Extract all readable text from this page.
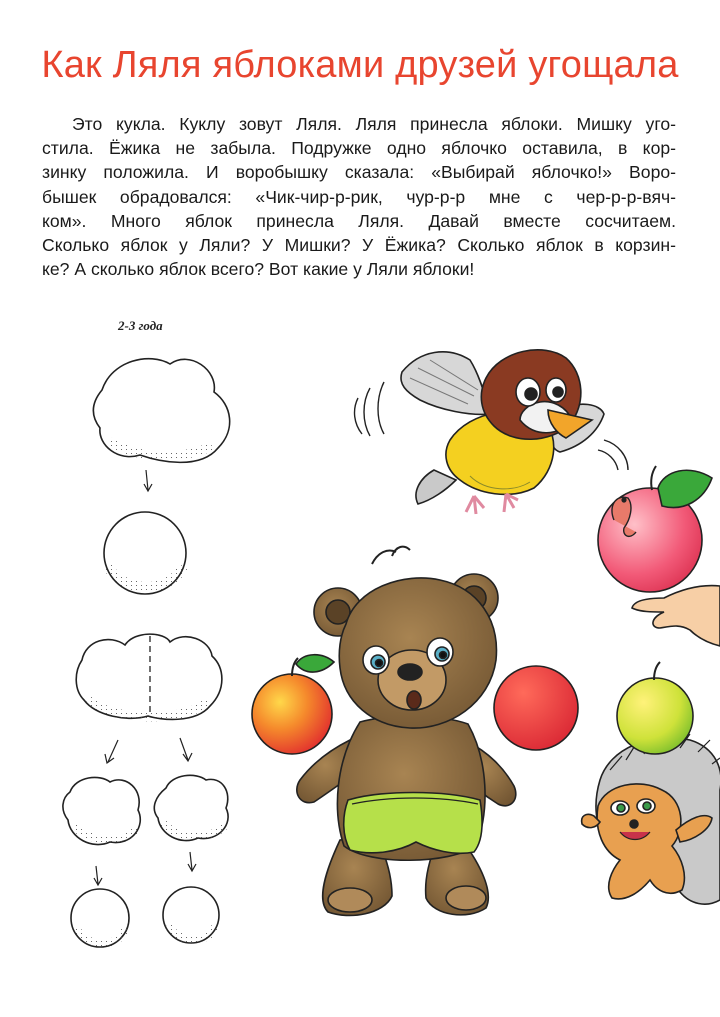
Как Ляля яблоками друзей угощала
Это кукла. Куклу зовут Ляля. Ляля принесла яблоки. Мишку уго-
стила. Ёжика не забыла. Подружке одно яблочко оставила, в кор-
зинку положила. И воробышку сказала: «Выбирай яблочко!» Воро-
бышек обрадовался: «Чик-чир-р-рик, чур-р-р мне с чер-р-р-вяч-
ком». Много яблок принесла Ляля. Давай вместе сосчитаем.
Сколько яблок у Ляли? У Мишки? У Ёжика? Сколько яблок в корзин-
ке? А сколько яблок всего? Вот какие у Ляли яблоки!
2-3 года
